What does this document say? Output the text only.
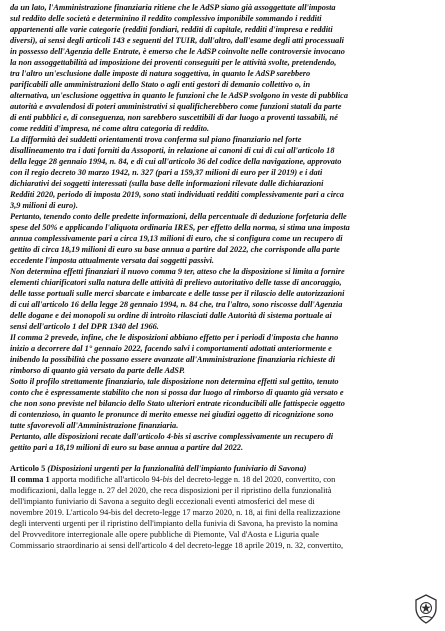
da un lato, l'Amministrazione finanziaria ritiene che le AdSP siano già assoggettate all'imposta
sul reddito delle società e determinino il reddito complessivo imponibile sommando i redditi
appartenenti alle varie categorie (redditi fondiari, redditi di capitale, redditi d'impresa e redditi
diversi), ai sensi degli articoli 143 e seguenti del TUIR, dall'altro, dall'esame degli atti processuali
in possesso dell'Agenzia delle Entrate, è emerso che le AdSP coinvolte nelle controversie invocano
la non assoggettabilità ad imposizione dei proventi conseguiti per le attività svolte, pretendendo,
tra l'altro un'esclusione dalle imposte di natura soggettiva, in quanto le AdSP sarebbero
parificabili alle amministrazioni dello Stato o agli enti gestori di demanio collettivo o, in
alternativa, un'esclusione oggettiva in quanto le funzioni che le AdSP svolgono in veste di pubblica
autorità e avvalendosi di poteri amministrativi si qualificherebbero come funzioni statali da parte
di enti pubblici e, di conseguenza, non sarebbero suscettibili di dar luogo a proventi tassabili, né
come redditi d'impresa, né come altra categoria di reddito.
La difformità dei suddetti orientamenti trova conferma sul piano finanziario nel forte
disallineamento tra i dati forniti da Assoporti, in relazione ai canoni di cui di cui all'articolo 18
della legge 28 gennaio 1994, n. 84, e di cui all'articolo 36 del codice della navigazione, approvato
con il regio decreto 30 marzo 1942, n. 327 (pari a 159,37 milioni di euro per il 2019) e i dati
dichiarativi dei soggetti interessati (sulla base delle informazioni rilevate dalle dichiarazioni
Redditi 2020, periodo di imposta 2019, sono stati individuati redditi complessivamente pari a circa
3,9 milioni di euro).
Pertanto, tenendo conto delle predette informazioni, della percentuale di deduzione forfetaria delle
spese del 50% e applicando l'aliquota ordinaria IRES, per effetto della norma, si stima una imposta
annua complessivamente pari a circa 19,13 milioni di euro, che si configura come un recupero di
gettito di circa 18,19 milioni di euro su base annua a partire dal 2022, che corrisponde alla parte
eccedente l'imposta attualmente versata dai soggetti passivi.
Non determina effetti finanziari il nuovo comma 9 ter, atteso che la disposizione si limita a fornire
elementi chiarificatori sulla natura delle attività di prelievo autoritativo delle tasse di ancoraggio,
delle tasse portuali sulle merci sbarcate e imbarcate e delle tasse per il rilascio delle autorizzazioni
di cui all'articolo 16 della legge 28 gennaio 1994, n. 84 che, tra l'altro, sono riscosse dall'Agenzia
delle dogane e dei monopoli su ordine di introito rilasciati dalle Autorità di sistema portuale ai
sensi dell'articolo 1 del DPR 1340 del 1966.
Il comma 2 prevede, infine, che le disposizioni abbiano effetto per i periodi d'imposta che hanno
inizio a decorrere dal 1° gennaio 2022, facendo salvi i comportamenti adottati anteriormente e
inibendo la possibilità che possano essere avanzate all'Amministrazione finanziaria richieste di
rimborso di quanto già versato da parte delle AdSP.
Sotto il profilo strettamente finanziario, tale disposizione non determina effetti sul gettito, tenuto
conto che è espressamente stabilito che non si possa dar luogo al rimborso di quanto già versato e
che non sono previste nel bilancio dello Stato ulteriori entrate riconducibili alle fattispecie oggetto
di contenzioso, in quanto le pronunce di merito emesse nei giudizi oggetto di ricognizione sono
tutte sfavorevoli all'Amministrazione finanziaria.
Pertanto, alle disposizioni recate dall'articolo 4-bis si ascrive complessivamente un recupero di
gettito pari a 18,19 milioni di euro su base annua a partire dal 2022.
Articolo 5 (Disposizioni urgenti per la funzionalità dell'impianto funiviario di Savona)
Il comma 1 apporta modifiche all'articolo 94-bis del decreto-legge n. 18 del 2020, convertito, con
modificazioni, dalla legge n. 27 del 2020, che reca disposizioni per il ripristino della funzionalità
dell'impianto funiviario di Savona a seguito degli eccezionali eventi atmosferici del mese di
novembre 2019. L'articolo 94-bis del decreto-legge 17 marzo 2020, n. 18, ai fini della realizzazione
degli interventi urgenti per il ripristino dell'impianto della funivia di Savona, ha previsto la nomina
del Provveditore interregionale alle opere pubbliche di Piemonte, Val d'Aosta e Liguria quale
Commissario straordinario ai sensi dell'articolo 4 del decreto-legge 18 aprile 2019, n. 32, convertito,
